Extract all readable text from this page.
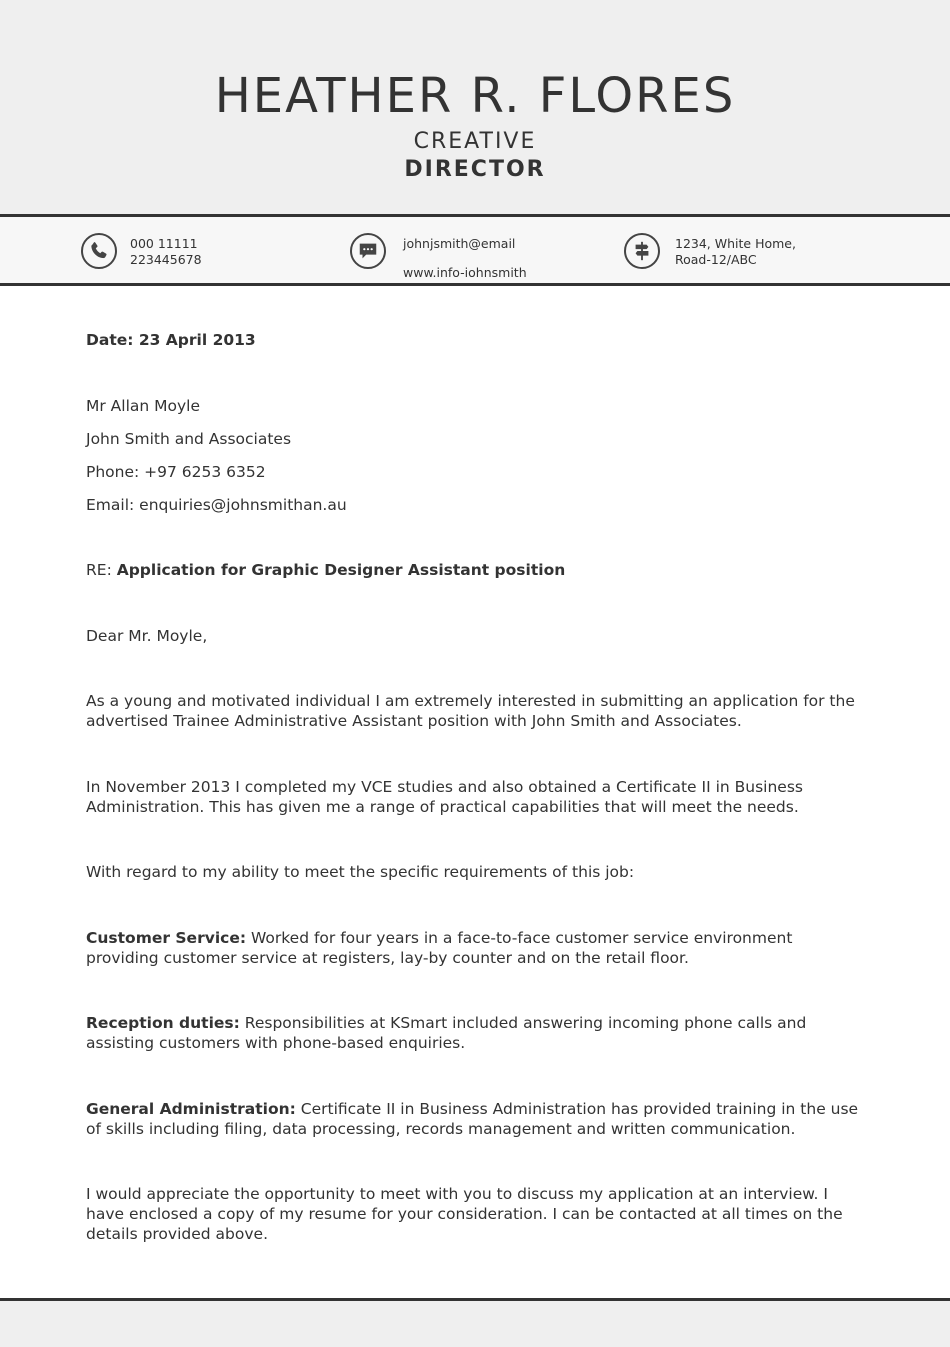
HEATHER R. FLORES
CREATIVE
DIRECTOR
000 11111
223445678
johnjsmith@email
www.info-iohnsmith
1234, White Home,
Road-12/ABC
Date: 23 April 2013
Mr Allan Moyle
John Smith and Associates
Phone: +97 6253 6352
Email: enquiries@johnsmithan.au
RE: Application for Graphic Designer Assistant position
Dear Mr. Moyle,
As a young and motivated individual I am extremely interested in submitting an application for the advertised Trainee Administrative Assistant position with John Smith and Associates.
In November 2013 I completed my VCE studies and also obtained a Certificate II in Business Administration. This has given me a range of practical capabilities that will meet the needs.
With regard to my ability to meet the specific requirements of this job:
Customer Service: Worked for four years in a face-to-face customer service environment providing customer service at registers, lay-by counter and on the retail floor.
Reception duties: Responsibilities at KSmart included answering incoming phone calls and assisting customers with phone-based enquiries.
General Administration: Certificate II in Business Administration has provided training in the use of skills including filing, data processing, records management and written communication.
I would appreciate the opportunity to meet with you to discuss my application at an interview. I have enclosed a copy of my resume for your consideration. I can be contacted at all times on the details provided above.
